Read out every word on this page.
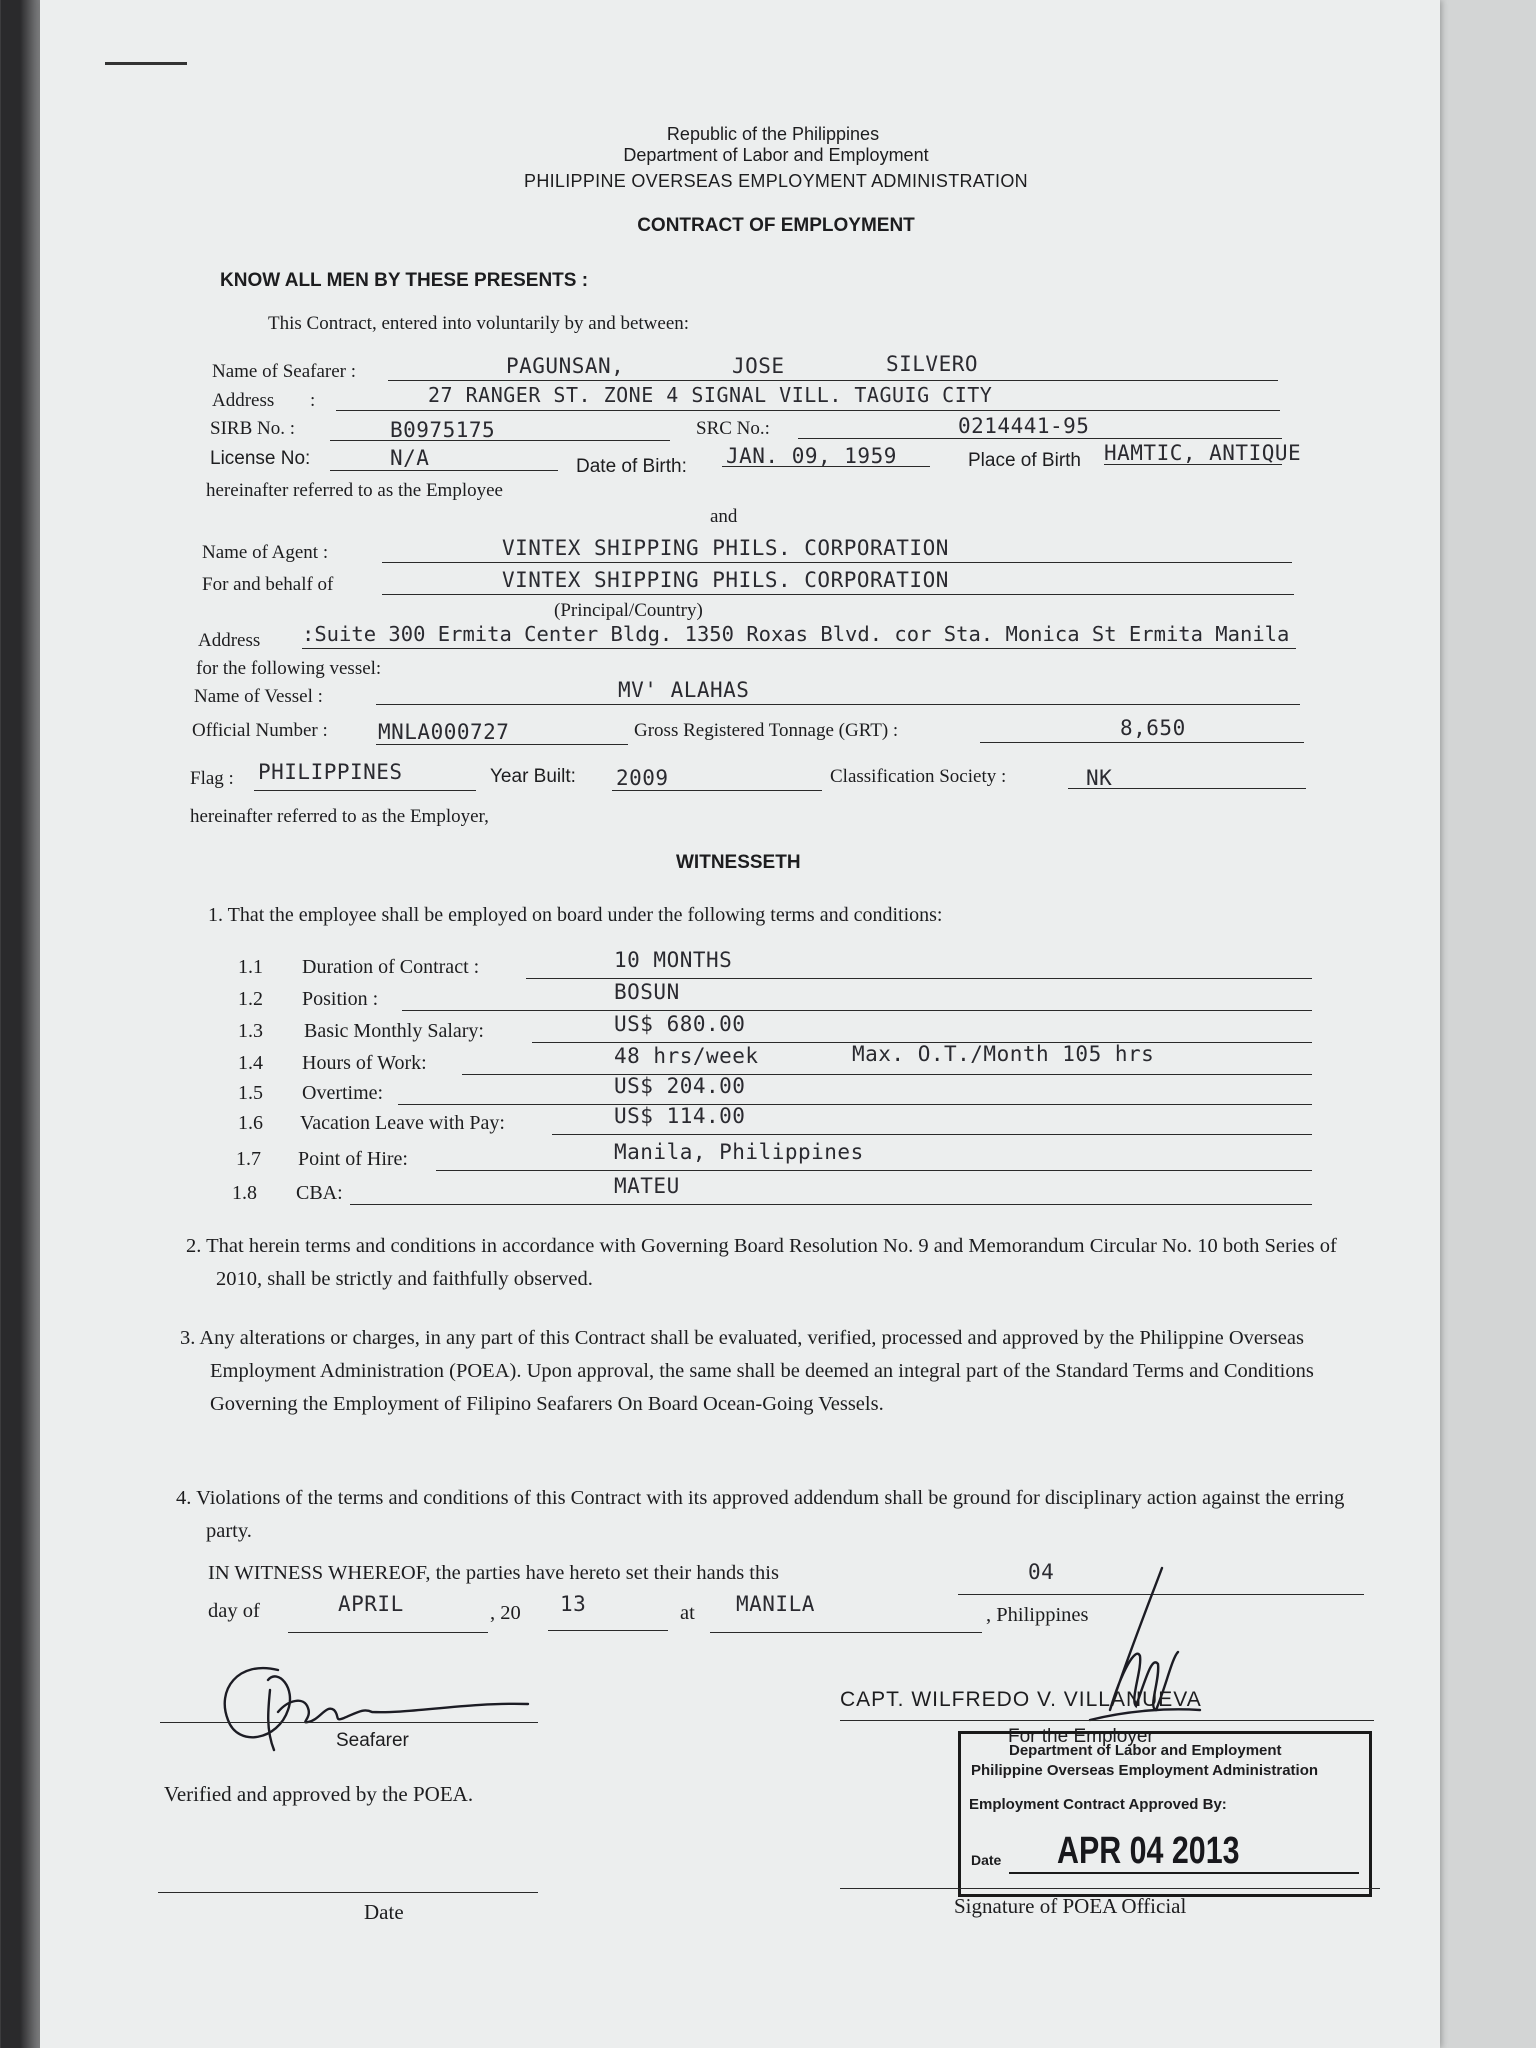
Republic of the Philippines
Department of Labor and Employment
PHILIPPINE OVERSEAS EMPLOYMENT ADMINISTRATION
CONTRACT OF EMPLOYMENT
KNOW ALL MEN BY THESE PRESENTS :
This Contract, entered into voluntarily by and between:
Name of Seafarer :	PAGUNSAN,	JOSE	SILVERO
Address :	27 RANGER ST. ZONE 4 SIGNAL VILL. TAGUIG CITY
SIRB No. :	B0975175	SRC No.:	0214441-95
License No:	N/A	Date of Birth: JAN. 09, 1959	Place of Birth HAMTIC, ANTIQUE
hereinafter referred to as the Employee
and
Name of Agent :	VINTEX SHIPPING PHILS. CORPORATION
For and behalf of	VINTEX SHIPPING PHILS. CORPORATION
(Principal/Country)
Address :Suite 300 Ermita Center Bldg. 1350 Roxas Blvd. cor Sta. Monica St Ermita Manila
for the following vessel:
Name of Vessel :	MV' ALAHAS
Official Number : MNLA000727	Gross Registered Tonnage (GRT) :	8,650
Flag : PHILIPPINES	Year Built: 2009	Classification Society :	NK
hereinafter referred to as the Employer,
WITNESSETH
1. That the employee shall be employed on board under the following terms and conditions:
1.1 Duration of Contract :	10 MONTHS
1.2 Position :	BOSUN
1.3 Basic Monthly Salary:	US$ 680.00
1.4 Hours of Work:	48 hrs/week	Max. O.T./Month 105 hrs
1.5 Overtime:	US$ 204.00
1.6 Vacation Leave with Pay:	US$ 114.00
1.7 Point of Hire:	Manila, Philippines
1.8 CBA:	MATEU
2. That herein terms and conditions in accordance with Governing Board Resolution No. 9 and Memorandum Circular No. 10 both Series of 2010, shall be strictly and faithfully observed.
3. Any alterations or charges, in any part of this Contract shall be evaluated, verified, processed and approved by the Philippine Overseas Employment Administration (POEA). Upon approval, the same shall be deemed an integral part of the Standard Terms and Conditions Governing the Employment of Filipino Seafarers On Board Ocean-Going Vessels.
4. Violations of the terms and conditions of this Contract with its approved addendum shall be ground for disciplinary action against the erring party.
IN WITNESS WHEREOF, the parties have hereto set their hands this	04
day of	APRIL	, 20 13	at MANILA	, Philippines
Seafarer
CAPT. WILFREDO V. VILLANUEVA
For the Employer
Department of Labor and Employment
Philippine Overseas Employment Administration
Employment Contract Approved By:
Date APR 04 2013
Verified and approved by the POEA.
Date	Signature of POEA Official
